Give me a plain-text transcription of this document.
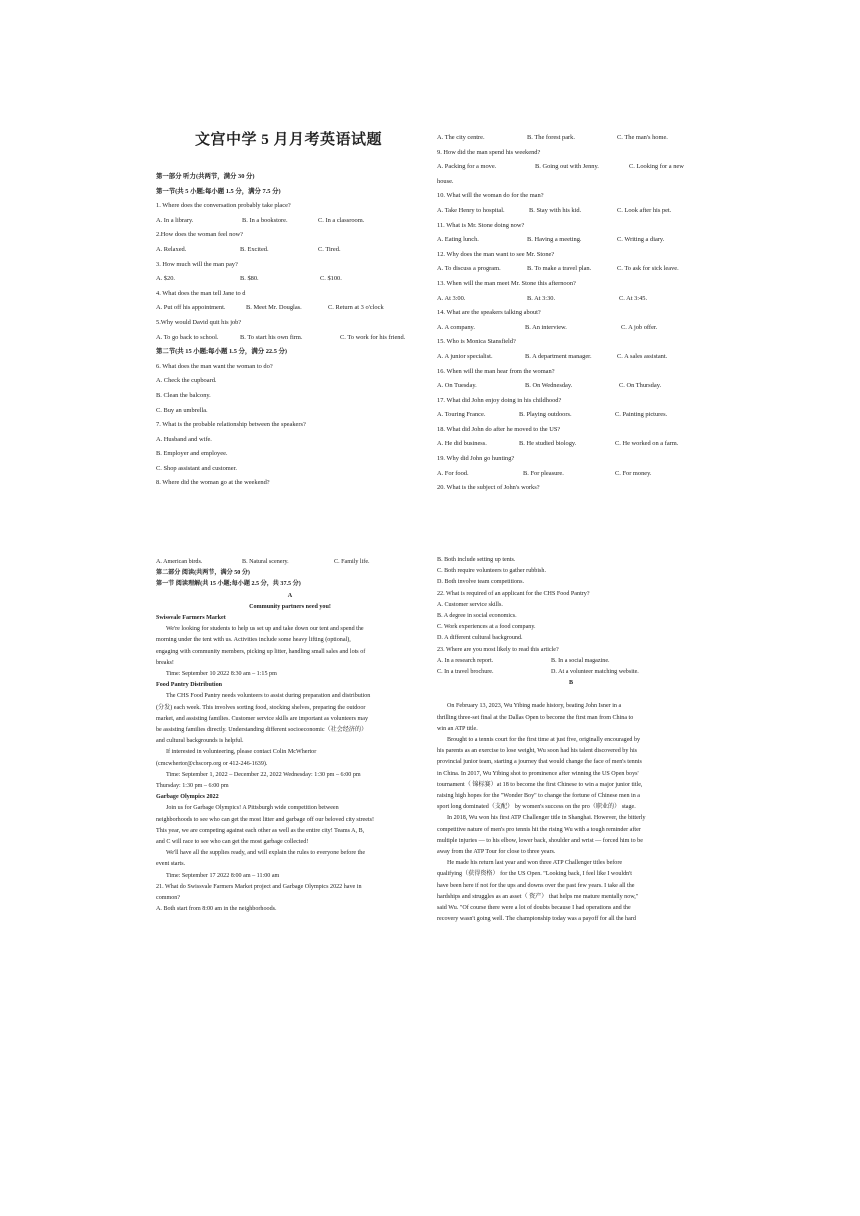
文宫中学 5 月月考英语试题
第一部分 听力(共两节，满分 30 分)
第一节(共 5 小题;每小题 1.5 分，满分 7.5 分)
1. Where does the conversation probably take place?
A. In a library.	B. In a bookstore.	C. In a classroom.
2.How does the woman feel now?
A. Relaxed.	B. Excited.	C. Tired.
3. How much will the man pay?
A. $20.	B. $80.	C. $100.
4. What does the man tell Jane to d
A. Put off his appointment.	B. Meet Mr. Douglas.	C. Return at 3 o'clock
5.Why would David quit his job?
A. To go back to school.	B. To start his own firm.	C. To work for his friend.
第二节(共 15 小题;每小题 1.5 分，满分 22.5 分)
6. What does the man want the woman to do?
A. Check the cupboard.
B. Clean the balcony.
C. Buy an umbrella.
7. What is the probable relationship between the speakers?
A. Husband and wife.
B. Employer and employee.
C. Shop assistant and customer.
8. Where did the woman go at the weekend?
A. The city centre.	B. The forest park.	C. The man's home.
9. How did the man spend his weekend?
A. Packing for a move.	B. Going out with Jenny.	C. Looking for a new
house.
10. What will the woman do for the man?
A. Take Henry to hospital.	B. Stay with his kid.	C. Look after his pet.
11. What is Mr. Stone doing now?
A. Eating lunch.	B. Having a meeting.	C. Writing a diary.
12. Why does the man want to see Mr. Stone?
A. To discuss a program.	B. To make a travel plan.	C. To ask for sick leave.
13. When will the man meet Mr. Stone this afternoon?
A. At 3:00.	B. At 3:30.	C. At 3:45.
14. What are the speakers talking about?
A. A company.	B. An interview.	C. A job offer.
15. Who is Monica Stansfield?
A. A junior specialist.	B. A department manager.	C. A sales assistant.
16. When will the man hear from the woman?
A. On Tuesday.	B. On Wednesday.	C. On Thursday.
17. What did John enjoy doing in his childhood?
A. Touring France.	B. Playing outdoors.	C. Painting pictures.
18. What did John do after he moved to the US?
A. He did business.	B. He studied biology.	C. He worked on a farm.
19. Why did John go hunting?
A. For food.	B. For pleasure.	C. For money.
20. What is the subject of John's works?
A. American birds.	B. Natural scenery.	C. Family life.
第二部分 阅读(共两节，满分 50 分)
第一节 阅读理解(共 15 小题;每小题 2.5 分，共 37.5 分)
A
Community partners need you!
Swissvale Farmers Market
We're looking for students to help us set up and take down our tent and spend the
morning under the tent with us. Activities include some heavy lifting (optional),
engaging with community members, picking up litter, handling small sales and lots of
breaks!
Time: September 10 2022 8:30 am – 1:15 pm
Food Pantry Distribution
The CHS Food Pantry needs volunteers to assist during preparation and distribution
(分发) each week. This involves sorting food, stocking shelves, preparing the outdoor
market, and assisting families. Customer service skills are important as volunteers may
be assisting families directly. Understanding different socioeconomic（社会经济的）
and cultural backgrounds is helpful.
If interested in volunteering, please contact Colin McWhertor
(cmcwhertor@chscorp.org or 412-246-1639).
Time: September 1, 2022 – December 22, 2022 Wednesday: 1:30 pm – 6:00 pm
Thursday: 1:30 pm – 6:00 pm
Garbage Olympics 2022
Join us for Garbage Olympics! A Pittsburgh wide competition between
neighborhoods to see who can get the most litter and garbage off our beloved city streets!
This year, we are competing against each other as well as the entire city! Teams A, B,
and C will race to see who can get the most garbage collected!
We'll have all the supplies ready, and will explain the rules to everyone before the
event starts.
Time: September 17 2022 8:00 am – 11:00 am
21. What do Swissvale Farmers Market project and Garbage Olympics 2022 have in
common?
A. Both start from 8:00 am in the neighborhoods.
B. Both include setting up tents.
C. Both require volunteers to gather rubbish.
D. Both involve team competitions.
22. What is required of an applicant for the CHS Food Pantry?
A. Customer service skills.
B. A degree in social economics.
C. Work experiences at a food company.
D. A different cultural background.
23. Where are you most likely to read this article?
A. In a research report.	B. In a social magazine.
C. In a travel brochure.	D. At a volunteer matching website.
B
On February 13, 2023, Wu Yibing made history, beating John Isner in a
thrilling three-set final at the Dallas Open to become the first man from China to
win an ATP title.
Brought to a tennis court for the first time at just five, originally encouraged by
his parents as an exercise to lose weight, Wu soon had his talent discovered by his
provincial junior team, starting a journey that would change the face of men's tennis
in China. In 2017, Wu Yibing shot to prominence after winning the US Open boys'
tournament（ 锦标赛）at 18 to become the first Chinese to win a major junior title,
raising high hopes for the "Wonder Boy" to change the fortune of Chinese men in a
sport long dominated（支配） by women's success on the pro（职业的） stage.
In 2018, Wu won his first ATP Challenger title in Shanghai. However, the bitterly
competitive nature of men's pro tennis hit the rising Wu with a tough reminder after
multiple injuries — to his elbow, lower back, shoulder and wrist — forced him to be
away from the ATP Tour for close to three years.
He made his return last year and won three ATP Challenger titles before
qualifying（获得资格） for the US Open. "Looking back, I feel like I wouldn't
have been here if not for the ups and downs over the past few years. I take all the
hardships and struggles as an asset（ 资产） that helps me mature mentally now,"
said Wu. "Of course there were a lot of doubts because I had operations and the
recovery wasn't going well. The championship today was a payoff for all the hard
